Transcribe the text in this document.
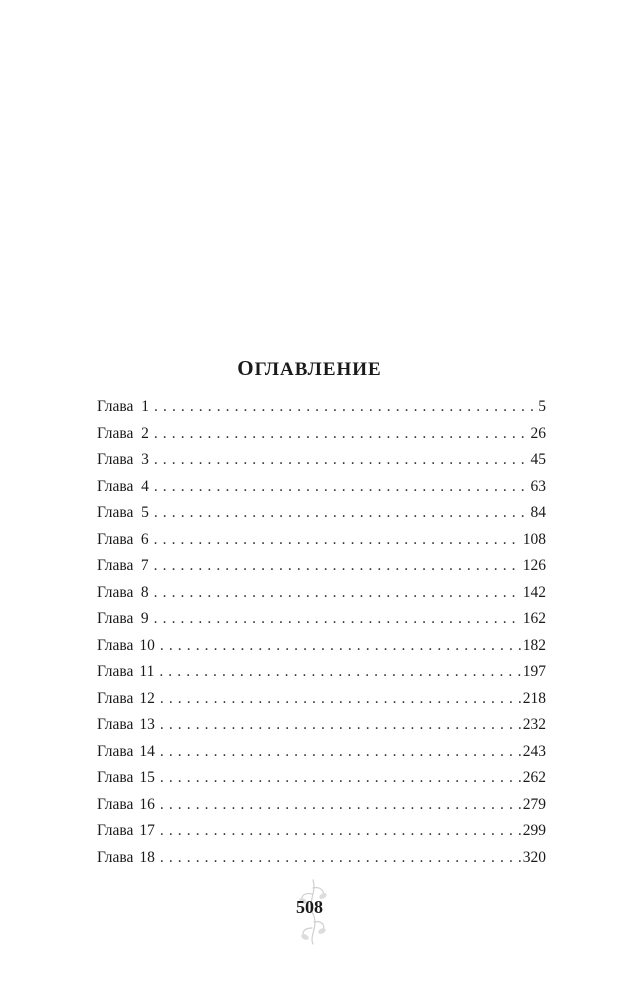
ОГЛАВЛЕНИЕ
Глава 1 . . .	5
Глава 2 . . .	26
Глава 3 . . .	45
Глава 4 . . .	63
Глава 5 . . .	84
Глава 6 . . .	108
Глава 7 . . .	126
Глава 8 . . .	142
Глава 9 . . .	162
Глава 10 . . .	182
Глава 11 . . .	197
Глава 12 . . .	218
Глава 13 . . .	232
Глава 14 . . .	243
Глава 15 . . .	262
Глава 16 . . .	279
Глава 17 . . .	299
Глава 18 . . .	320
508
